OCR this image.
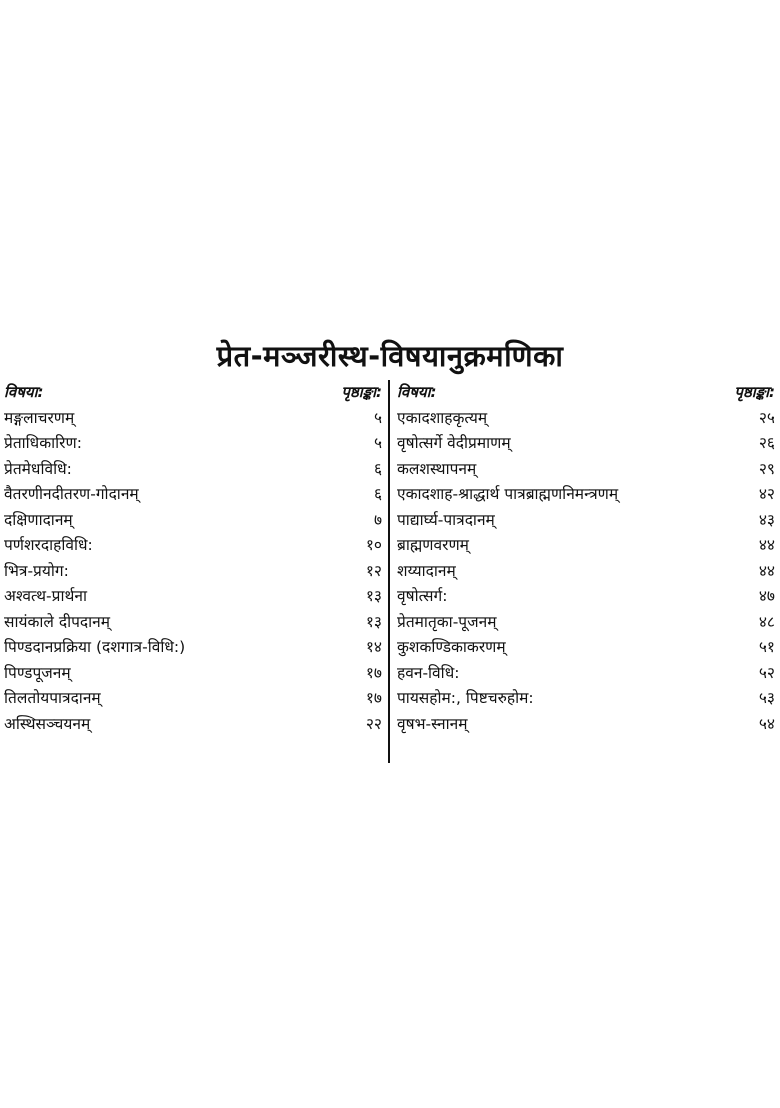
प्रेत-मञ्जरीस्थ-विषयानुक्रमणिका
विषया:	पृष्ठाङ्का:
मङ्गलाचरणम्	५
प्रेताधिकारिण:	५
प्रेतमेधविधि:	६
वैतरणीनदीतरण-गोदानम्	६
दक्षिणादानम्	७
पर्णशरदाहविधि:	१०
भित्र-प्रयोग:	१२
अश्वत्थ-प्रार्थना	१३
सायंकाले दीपदानम्	१३
पिण्डदानप्रक्रिया (दशगात्र-विधि:)	१४
पिण्डपूजनम्	१७
तिलतोयपात्रदानम्	१७
अस्थिसञ्चयनम्	२२
विषया:	पृष्ठाङ्का:
एकादशाहकृत्यम्	२५
वृषोत्सर्गे वेदीप्रमाणम्	२६
कलशस्थापनम्	२९
एकादशाह-श्राद्धार्थ पात्रब्राह्मणनिमन्त्रणम्	४२
पाद्यार्घ्य-पात्रदानम्	४३
ब्राह्मणवरणम्	४४
शय्यादानम्	४४
वृषोत्सर्ग:	४७
प्रेतमातृका-पूजनम्	४८
कुशकण्डिकाकरणम्	५१
हवन-विधि:	५२
पायसहोम:, पिष्टचरुहोम:	५३
वृषभ-स्नानम्	५४
